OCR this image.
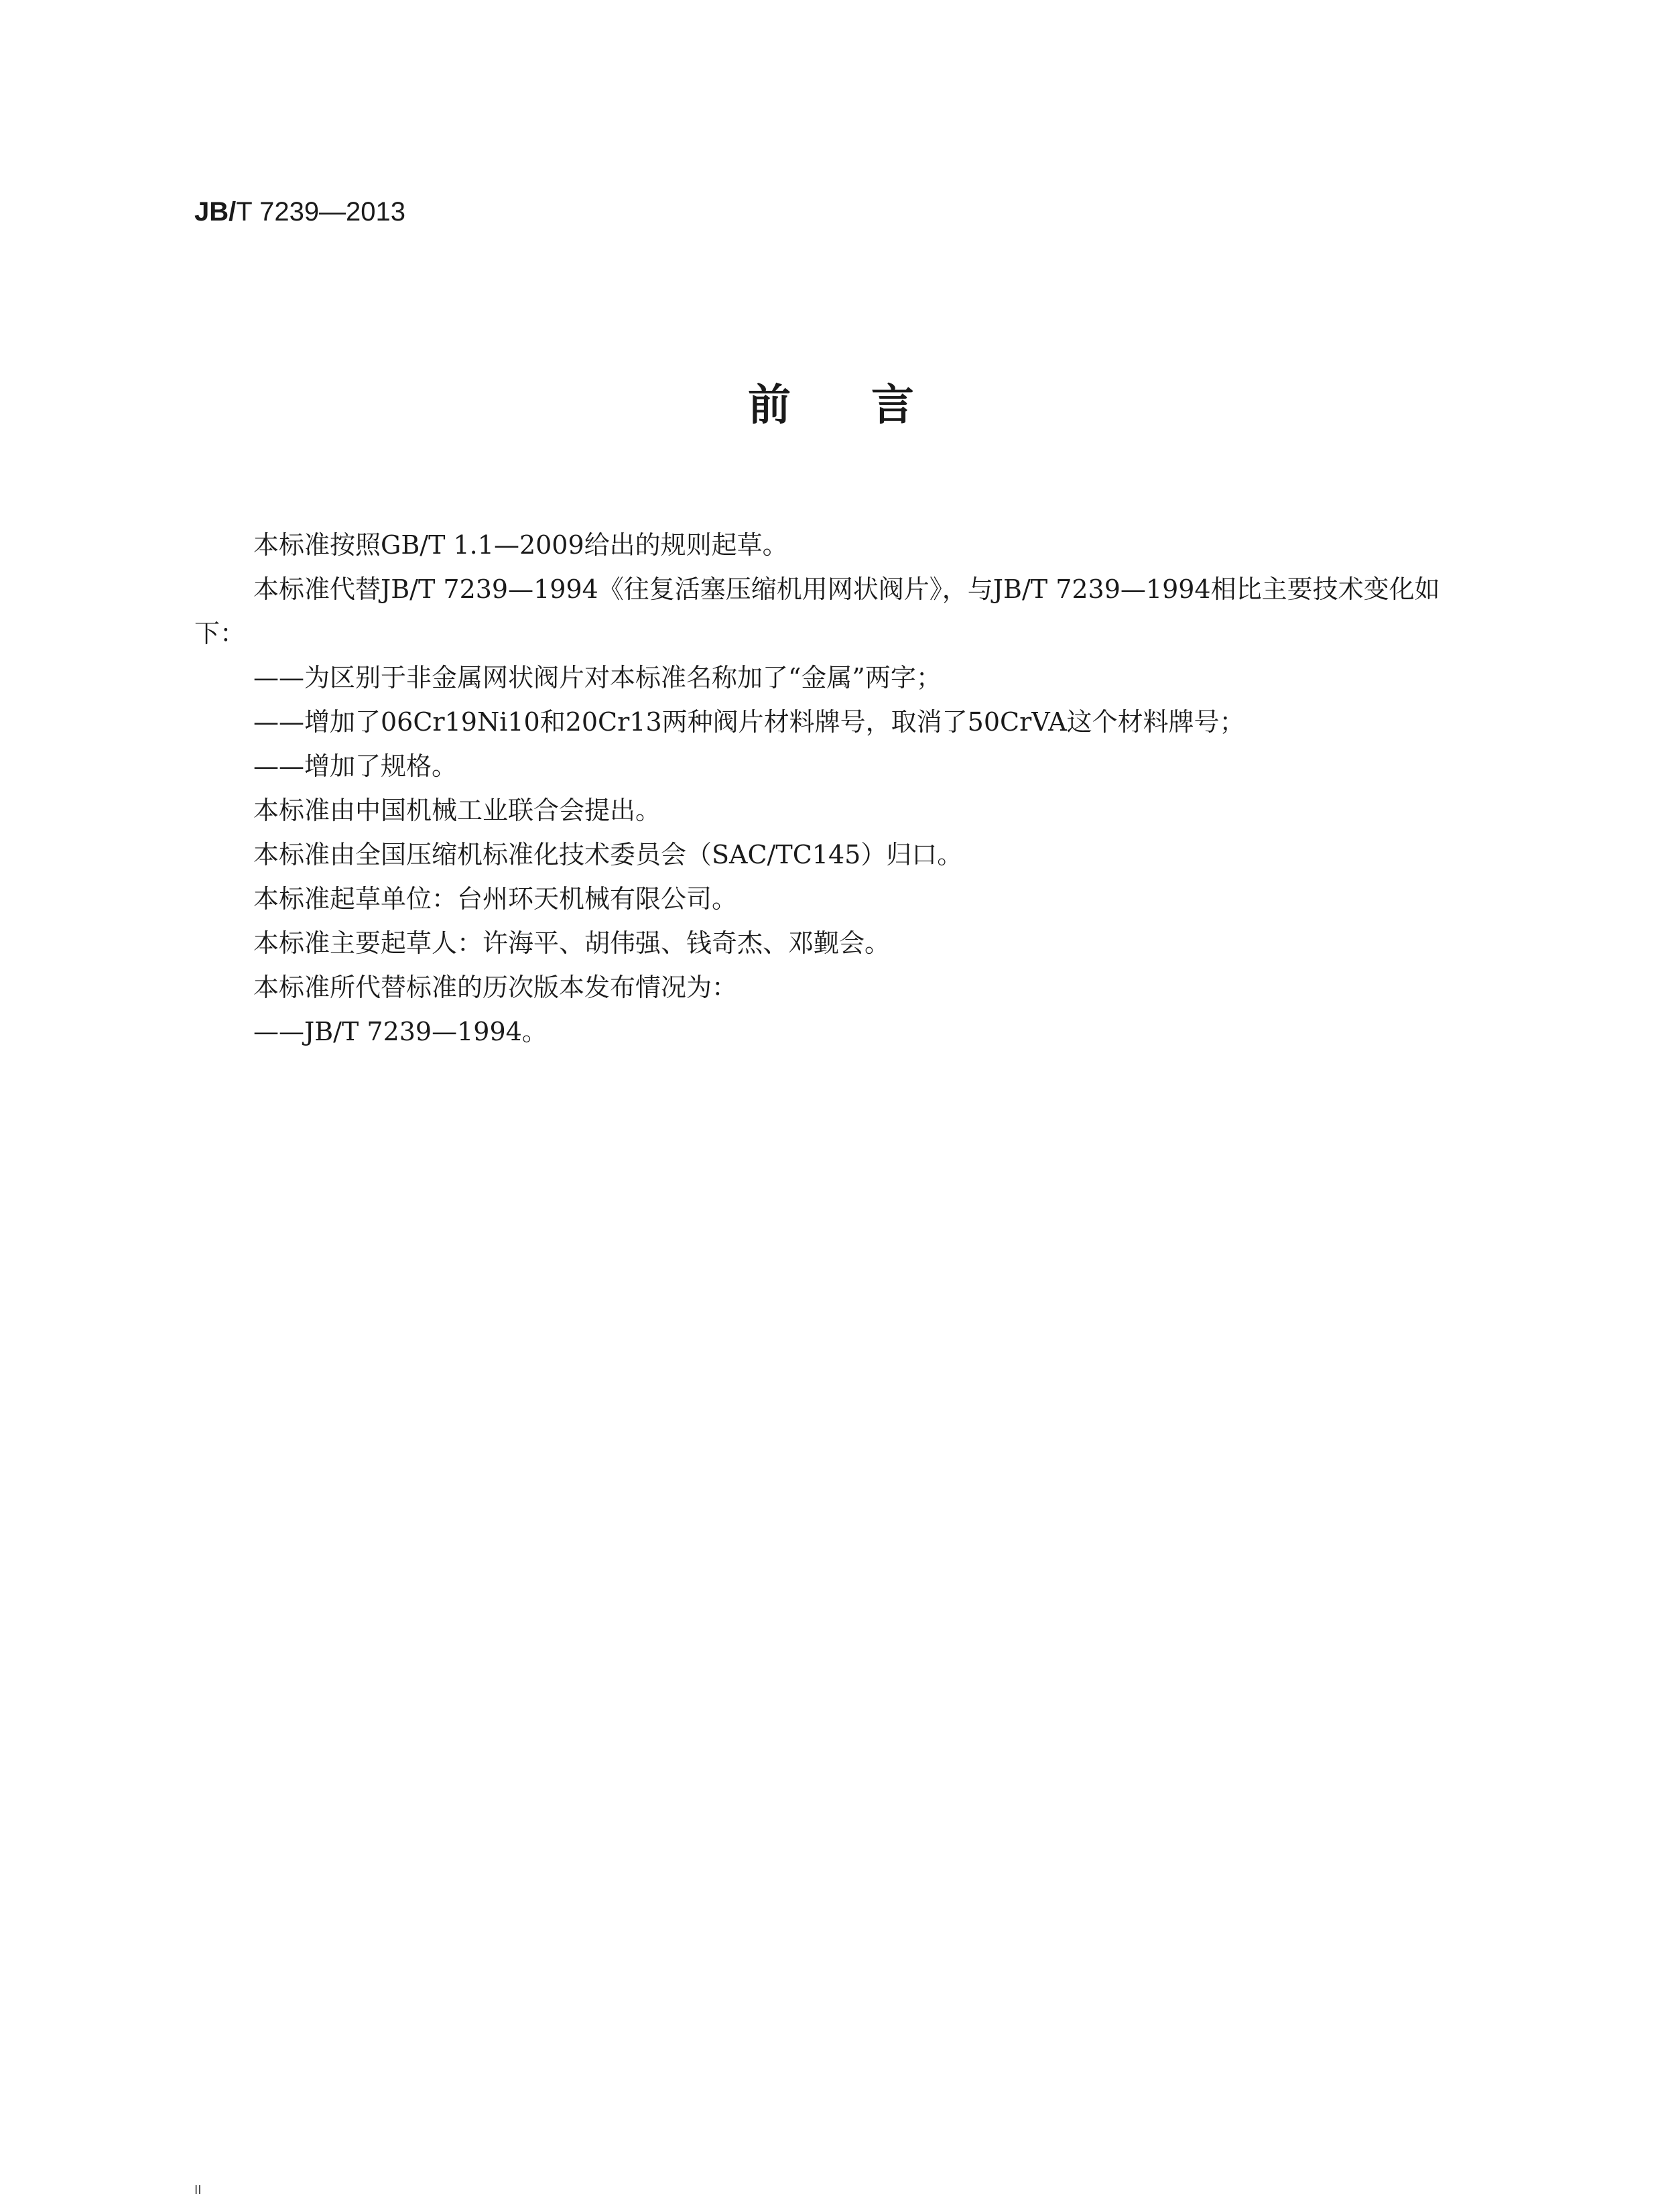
JB/T 7239—2013
前言

本标准按照GB/T 1.1—2009给出的规则起草。

本标准代替JB/T 7239—1994《往复活塞压缩机用网状阀片》，与JB/T 7239—1994相比主要技术变化如下：

——为区别于非金属网状阀片对本标准名称加了“金属”两字；

——增加了06Cr19Ni10和20Cr13两种阀片材料牌号，取消了50CrVA这个材料牌号；

——增加了规格。

本标准由中国机械工业联合会提出。

本标准由全国压缩机标准化技术委员会（SAC/TC145）归口。

本标准起草单位：台州环天机械有限公司。

本标准主要起草人：许海平、胡伟强、钱奇杰、邓觐会。

本标准所代替标准的历次版本发布情况为：

——JB/T 7239—1994。

II
